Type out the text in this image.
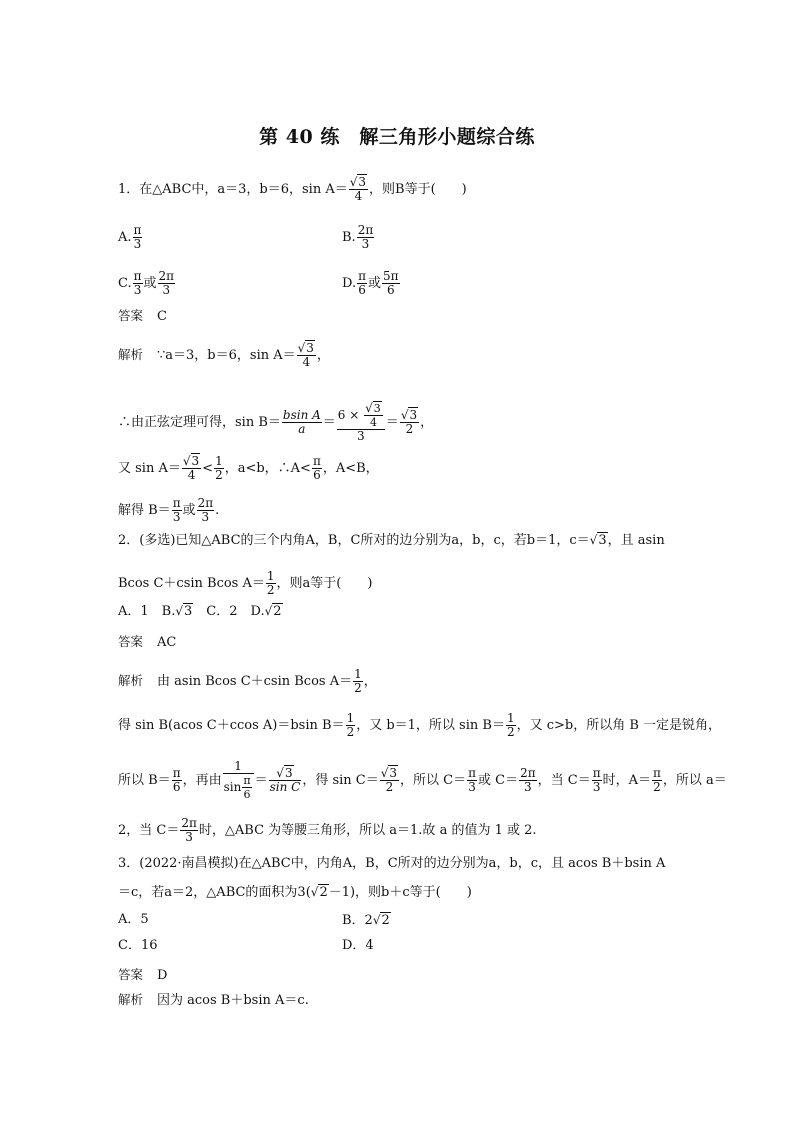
第 40 练　解三角形小题综合练
1．在△ABC中，a＝3，b＝6，$\sin A= \frac{√3}{4}$ ，则B等于(　　)
A. $\frac{\pi}{3}$	B. $\frac{2\pi}{3}$
C. $\frac{\pi}{3}$ 或 $\frac{2\pi}{3}$	D. $\frac{\pi}{6}$ 或 $\frac{5\pi}{6}$
答案 C
解析 ∵a＝3，b＝6，$\sin A= \frac{√3}{4}$ ，
∴由正弦定理可得，$\sin B= \frac{\text{bsin A}}{a} = \frac{6 \times \frac{√3}{4}}{3} = \frac{√3}{2}$ ，
又 $\sin A= \frac{√3}{4} < \frac{1}{2}$ ，a<b，∴A< $\frac{\pi}{6}$ ，A<B，
解得 $B= \frac{\pi}{3}$ 或 $\frac{2\pi}{3}$ .
2．(多选)已知△ABC的三个内角A，B，C所对的边分别为a，b，c，若b＝1，c＝√3，且 asin
Bcos C＋csin Bcos $A= \frac{1}{2}$ ，则a等于(　　)
A．1　B.√3　C．2　D.√2
答案 AC
解析 由 asin Bcos C＋csin Bcos $A= \frac{1}{2}$ ，
得 sin B(acos C＋ccos A)＝bsin $B= \frac{1}{2}$ ，又 b＝1，所以 $\sin B= \frac{1}{2}$ ，又 c>b，所以角 B 一定是锐角，
所以 $B= \frac{\pi}{6}$ ，再由 $\frac{1}{\sin \frac{\pi}{6}} = \frac{√3}{\text{sin C}}$ ，得 $\sin C= \frac{√3}{2}$ ，所以 $C= \frac{\pi}{3}$ 或 $C= \frac{2\pi}{3}$ ，当 $C= \frac{\pi}{3}$ 时，$A= \frac{\pi}{2}$ ，所以 a＝
2，当 $C= \frac{2\pi}{3}$ 时，△ABC 为等腰三角形，所以 a＝1.故 a 的值为 1 或 2.
3．(2022·南昌模拟)在△ABC中，内角A，B，C所对的边分别为a，b，c，且 acos B＋bsin A
＝c，若a＝2，△ABC的面积为3(√2－1)，则b＋c等于(　　)
A．5	B．2√2
C．16	D．4
答案 D
解析 因为 acos B＋bsin A＝c.
